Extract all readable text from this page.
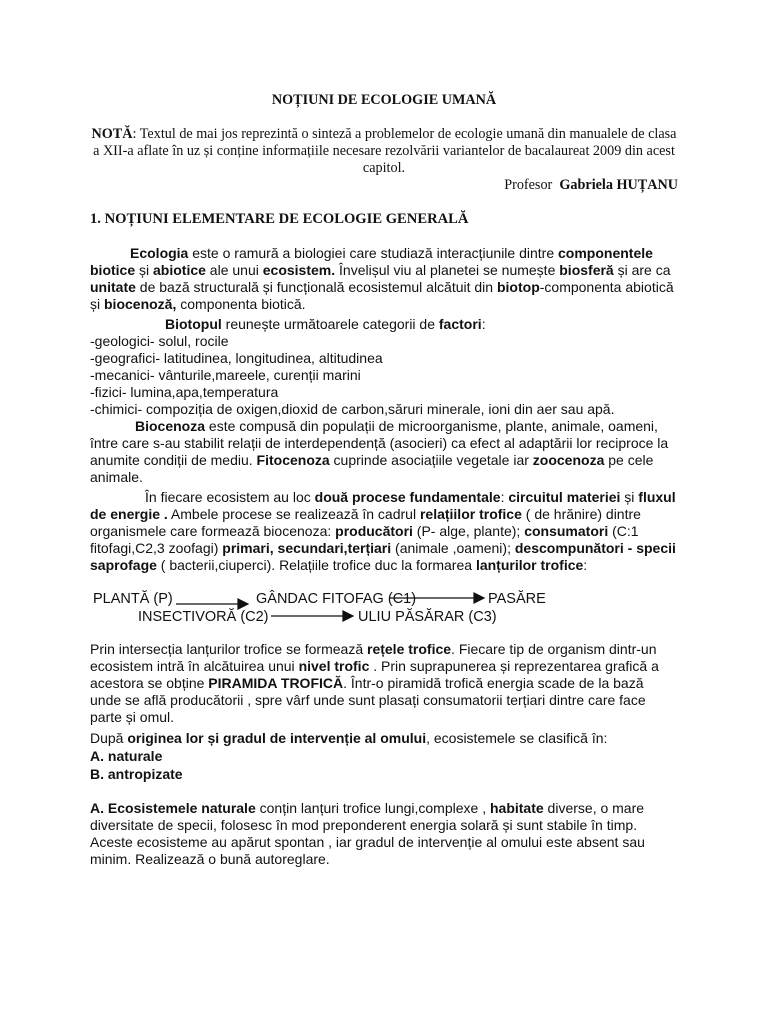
NOȚIUNI DE ECOLOGIE UMANĂ
NOTĂ: Textul de mai jos reprezintă o sinteză a problemelor de ecologie umană din manualele de clasa a XII-a aflate în uz și conține informațiile necesare rezolvării variantelor de bacalaureat 2009 din acest capitol.
Profesor Gabriela HUȚANU
1. NOȚIUNI ELEMENTARE DE ECOLOGIE GENERALĂ
Ecologia este o ramură a biologiei care studiază interacțiunile dintre componentele biotice și abiotice ale unui ecosistem. Învelișul viu al planetei se numește biosferă și are ca unitate de bază structurală și funcțională ecosistemul alcătuit din biotop-componenta abiotică și biocenoză, componenta biotică.
Biotopul reunește următoarele categorii de factori:
-geologici- solul, rocile
-geografici- latitudinea, longitudinea, altitudinea
-mecanici- vânturile,mareele, curenții marini
-fizici- lumina,apa,temperatura
-chimici- compoziția de oxigen,dioxid de carbon,săruri minerale, ioni din aer sau apă.
Biocenoza este compusă din populații de microorganisme, plante, animale, oameni, între care s-au stabilit relații de interdependență (asocieri) ca efect al adaptării lor reciproce la anumite condiții de mediu. Fitocenoza cuprinde asociațiile vegetale iar zoocenoza pe cele animale.
În fiecare ecosistem au loc două procese fundamentale: circuitul materiei și fluxul de energie . Ambele procese se realizează în cadrul relațiilor trofice ( de hrănire) dintre organismele care formează biocenoza: producători (P- alge, plante); consumatori (C:1 fitofagi,C2,3 zoofagi) primari, secundari,terțiari (animale ,oameni); descompunători - specii saprofage ( bacterii,ciuperci). Relațiile trofice duc la formarea lanțurilor trofice:
PLANTĂ (P)	GÂNDAC FITOFAG (C1)	PASĂRE
INSECTIVORĂ (C2)	ULIU PĂSĂRAR (C3)
Prin intersecția lanțurilor trofice se formează rețele trofice. Fiecare tip de organism dintr-un ecosistem intră în alcătuirea unui nivel trofic . Prin suprapunerea și reprezentarea grafică a acestora se obține PIRAMIDA TROFICĂ. Într-o piramidă trofică energia scade de la bază unde se află producătorii , spre vârf unde sunt plasați consumatorii terțiari dintre care face parte și omul.
După originea lor și gradul de intervenție al omului, ecosistemele se clasifică în:
A. naturale
B. antropizate
A. Ecosistemele naturale conțin lanțuri trofice lungi,complexe , habitate diverse, o mare diversitate de specii, folosesc în mod preponderent energia solară și sunt stabile în timp. Aceste ecosisteme au apărut spontan , iar gradul de intervenție al omului este absent sau minim. Realizează o bună autoreglare.
